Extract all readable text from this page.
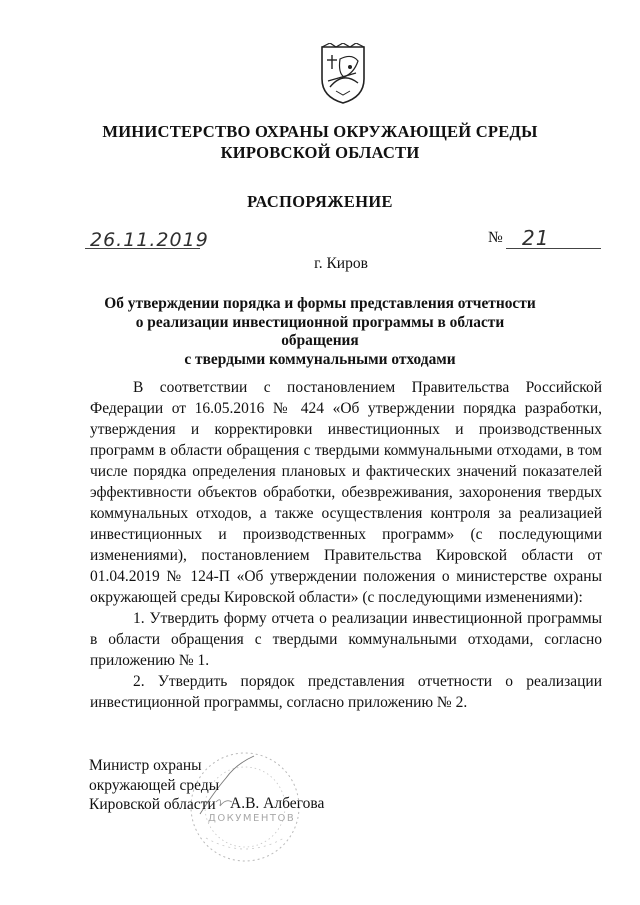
МИНИСТЕРСТВО ОХРАНЫ ОКРУЖАЮЩЕЙ СРЕДЫ
КИРОВСКОЙ ОБЛАСТИ
РАСПОРЯЖЕНИЕ
26.11.2019	№ 21
г. Киров
Об утверждении порядка и формы представления отчетности
о реализации инвестиционной программы в области обращения
с твердыми коммунальными отходами

В соответствии с постановлением Правительства Российской Федерации от 16.05.2016 № 424 «Об утверждении порядка разработки, утверждения и корректировки инвестиционных и производственных программ в области обращения с твердыми коммунальными отходами, в том числе порядка определения плановых и фактических значений показателей эффективности объектов обработки, обезвреживания, захоронения твердых коммунальных отходов, а также осуществления контроля за реализацией инвестиционных и производственных программ» (с последующими изменениями), постановлением Правительства Кировской области от 01.04.2019 № 124-П «Об утверждении положения о министерстве охраны окружающей среды Кировской области» (с последующими изменениями):

1. Утвердить форму отчета о реализации инвестиционной программы в области обращения с твердыми коммунальными отходами, согласно приложению № 1.

2. Утвердить порядок представления отчетности о реализации инвестиционной программы, согласно приложению № 2.

ДОКУМЕНТОВ
Министр охраны
окружающей среды
Кировской области А.В. Албегова
